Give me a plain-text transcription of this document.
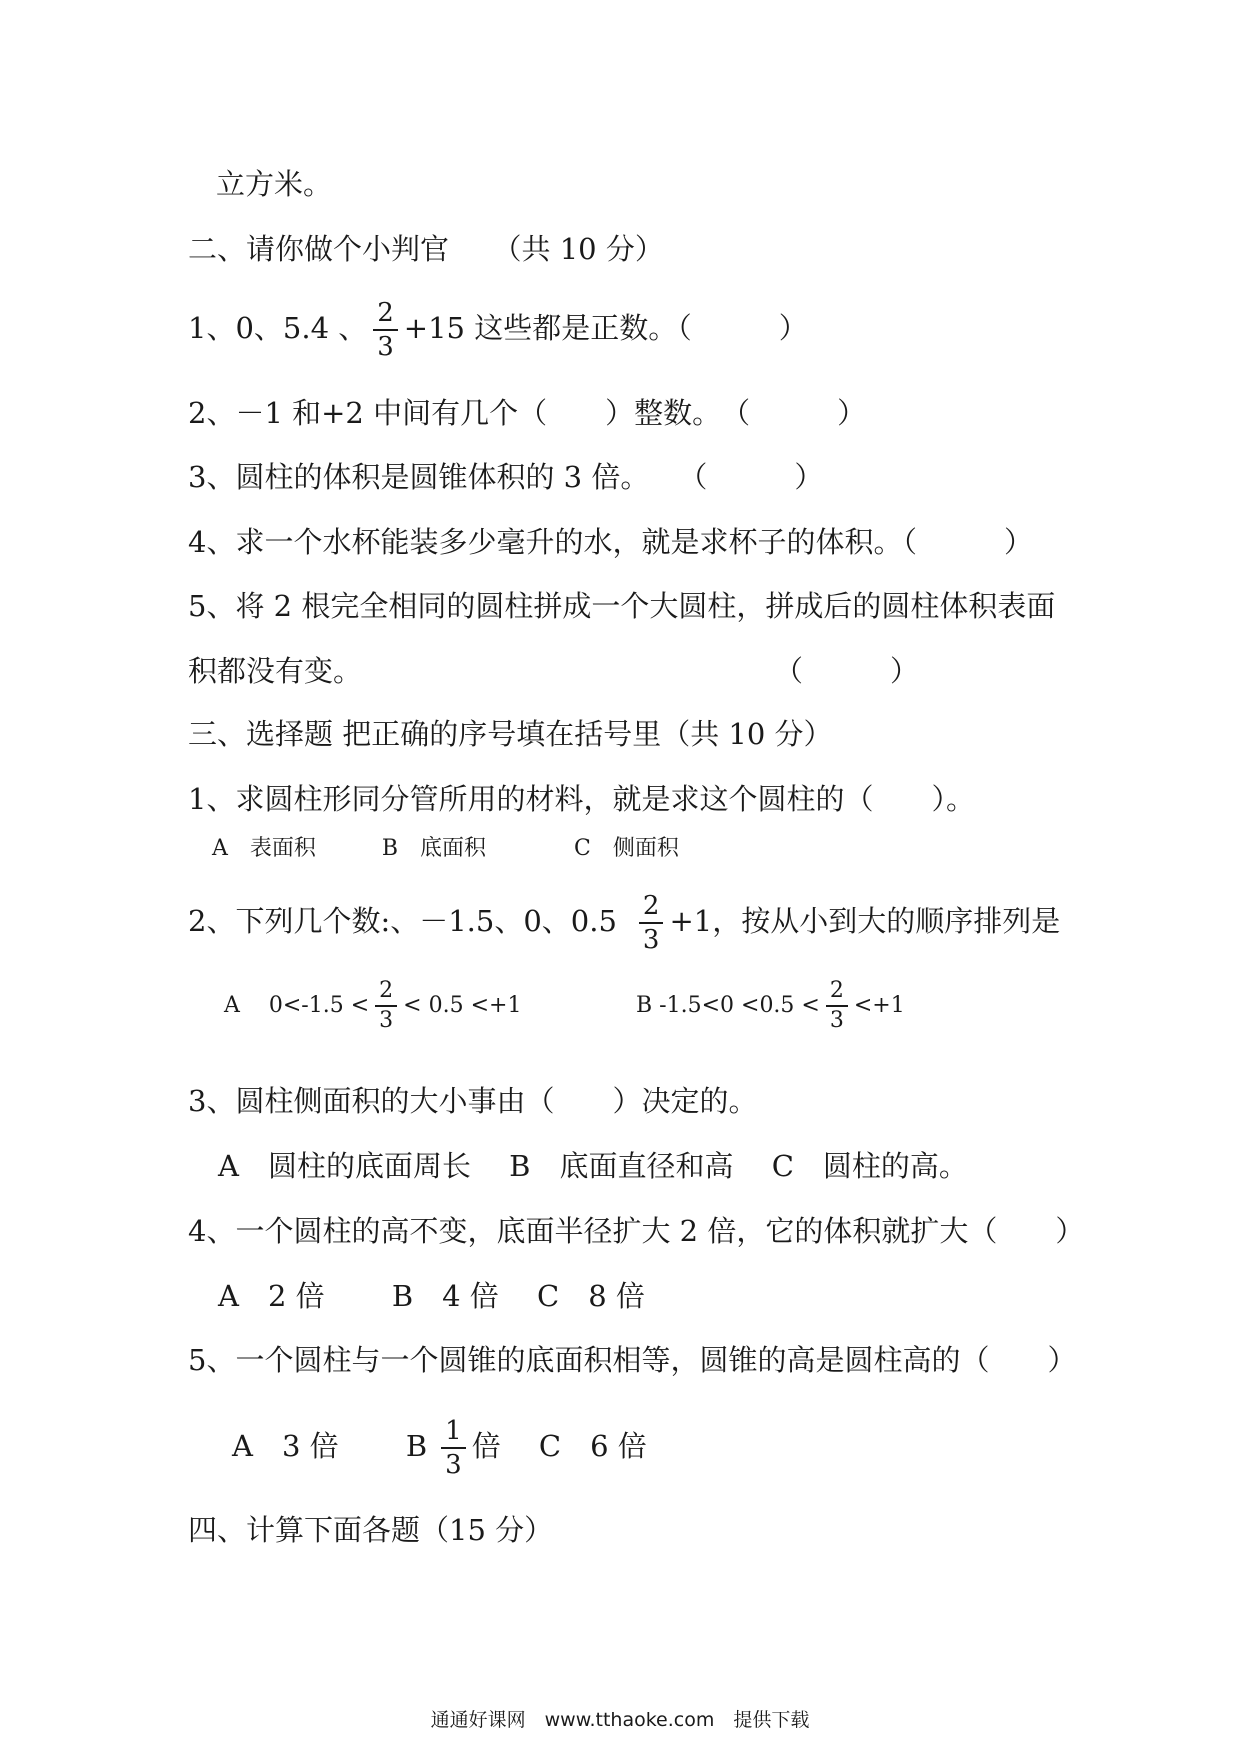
立方米。
二、请你做个小判官　　（共 10 分）
1、0、5.4 、 $\frac{2}{3} +15$ 这些都是正数。（　　　）
2、－1 和+2 中间有几个（　　）整数。　（　　　）
3、圆柱的体积是圆锥体积的 3 倍。　　（　　　）
4、求一个水杯能装多少毫升的水，就是求杯子的体积。（　　　）
5、将 2 根完全相同的圆柱拼成一个大圆柱，拼成后的圆柱体积表面
积都没有变。	（　　　）
三、选择题 把正确的序号填在括号里（共 10 分）
1、求圆柱形同分管所用的材料，就是求这个圆柱的（　　）。
A　表面积　　　B　底面积　　　　C　侧面积
2、下列几个数:、－1.5、0、$0.5 \frac{2}{3} +1$，按从小到大的顺序排列是
A　 $0<-1.5 < \frac{2}{3} < 0.5 <+1$	B $-1.5<0 <0.5 < \frac{2}{3} <+1$
3、圆柱侧面积的大小事由（　　）决定的。
A　圆柱的底面周长　 B　底面直径和高　 C　圆柱的高。
4、一个圆柱的高不变，底面半径扩大 2 倍，它的体积就扩大（　　）
A　2 倍　　 B　4 倍　 C　8 倍
5、一个圆柱与一个圆锥的底面积相等，圆锥的高是圆柱高的（　　）
A　3 倍　　 B $\frac{1}{3}$ 倍　 C　6 倍
四、计算下面各题（15 分）
通通好课网　www.tthaoke.com　提供下载
